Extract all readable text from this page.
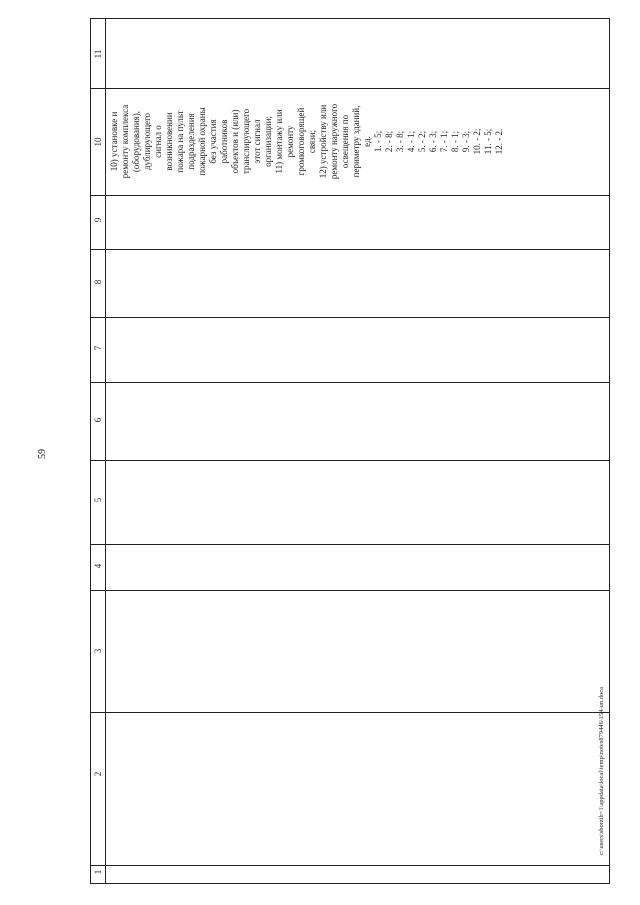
59
11
10
9
8
7
6
5
4
3
2
1
10) установке и ремонту комплекса (оборудования), дублирующего сигнал о возникновении пожара на пульт подразделения пожарной охраны без участия работников объектов и (или) транслирующего этот сигнал организации; 11) монтажу или ремонту громкоговорящей связи; 12) устройству или ремонту наружного освещения по периметру зданий, ед. 1. - 5; 2. - 8; 3. - 8; 4. - 1; 5. - 2; 6. - 3; 7. - 1; 8. - 1; 9. - 3; 10. - 2; 11. - 5; 12. - 2.
c:\users\sborzih~1\appdata\local\temp\notes879446\154-un.doca
